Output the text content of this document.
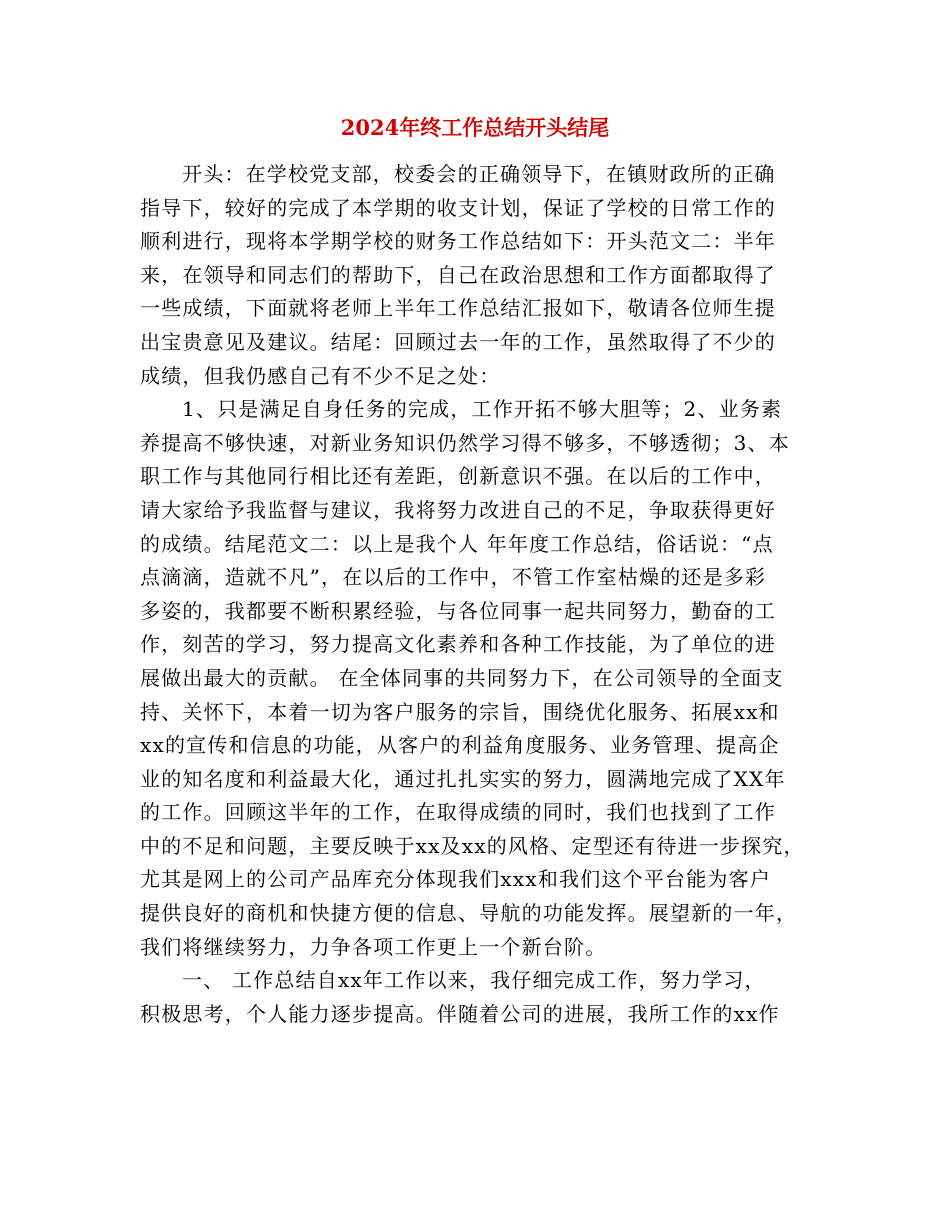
2024年终工作总结开头结尾
开头：在学校党支部，校委会的正确领导下，在镇财政所的正确
指导下，较好的完成了本学期的收支计划，保证了学校的日常工作的
顺利进行，现将本学期学校的财务工作总结如下：开头范文二：半年
来，在领导和同志们的帮助下，自己在政治思想和工作方面都取得了
一些成绩，下面就将老师上半年工作总结汇报如下，敬请各位师生提
出宝贵意见及建议。结尾：回顾过去一年的工作，虽然取得了不少的
成绩，但我仍感自己有不少不足之处：
1、只是满足自身任务的完成，工作开拓不够大胆等；2、业务素
养提高不够快速，对新业务知识仍然学习得不够多，不够透彻；3、本
职工作与其他同行相比还有差距，创新意识不强。在以后的工作中，
请大家给予我监督与建议，我将努力改进自己的不足，争取获得更好
的成绩。结尾范文二：以上是我个人 年年度工作总结，俗话说：“点
点滴滴，造就不凡”，在以后的工作中，不管工作室枯燥的还是多彩
多姿的，我都要不断积累经验，与各位同事一起共同努力，勤奋的工
作，刻苦的学习，努力提高文化素养和各种工作技能，为了单位的进
展做出最大的贡献。 在全体同事的共同努力下，在公司领导的全面支
持、关怀下，本着一切为客户服务的宗旨，围绕优化服务、拓展xx和
xx的宣传和信息的功能，从客户的利益角度服务、业务管理、提高企
业的知名度和利益最大化，通过扎扎实实的努力，圆满地完成了XX年
的工作。回顾这半年的工作，在取得成绩的同时，我们也找到了工作
中的不足和问题，主要反映于xx及xx的风格、定型还有待进一步探究，
尤其是网上的公司产品库充分体现我们xxx和我们这个平台能为客户
提供良好的商机和快捷方便的信息、导航的功能发挥。展望新的一年，
我们将继续努力，力争各项工作更上一个新台阶。
一、 工作总结自xx年工作以来，我仔细完成工作，努力学习，
积极思考，个人能力逐步提高。伴随着公司的进展，我所工作的xx作
